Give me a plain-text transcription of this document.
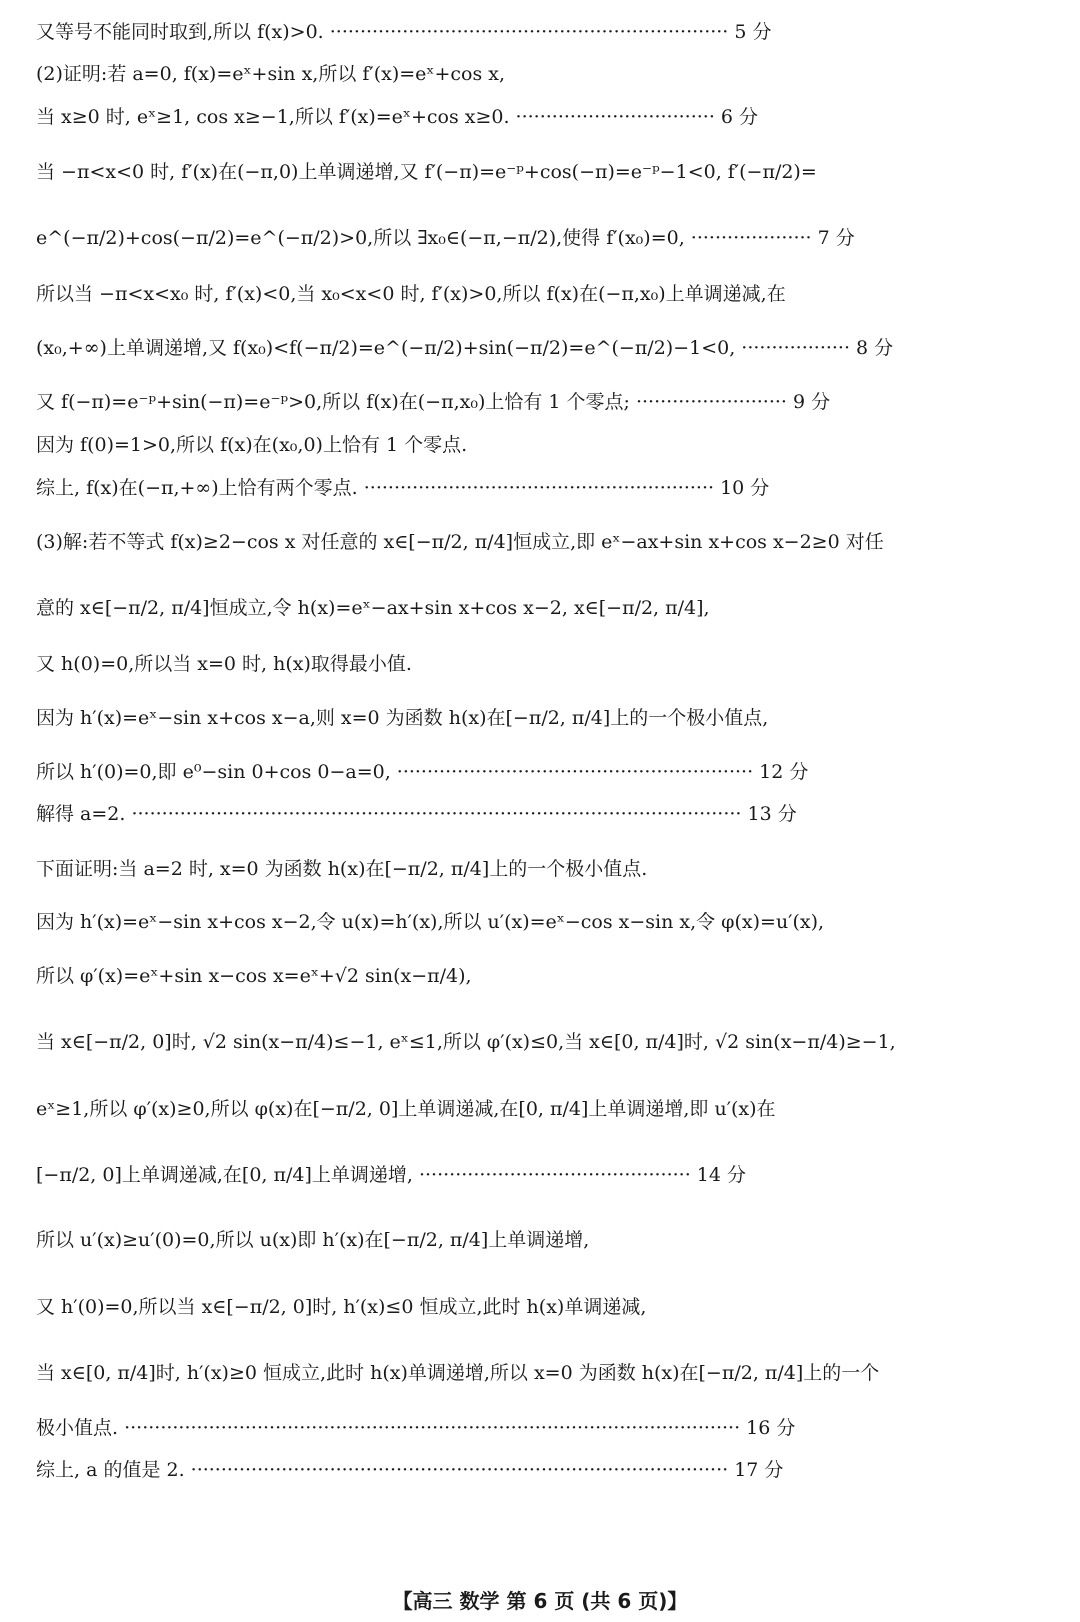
又等号不能同时取到,所以 f(x)>0. ·································································· 5 分
(2)证明:若 a=0, f(x)=eˣ+sin x,所以 f′(x)=eˣ+cos x,
当 x≥0 时, eˣ≥1, cos x≥−1,所以 f′(x)=eˣ+cos x≥0. ································· 6 分
当 −π<x<0 时, f′(x)在(−π,0)上单调递增,又 f′(−π)=e⁻ᵖ+cos(−π)=e⁻ᵖ−1<0, f′(−π/2)=
e^(−π/2)+cos(−π/2)=e^(−π/2)>0,所以 ∃x₀∈(−π,−π/2),使得 f′(x₀)=0, ···················· 7 分
所以当 −π<x<x₀ 时, f′(x)<0,当 x₀<x<0 时, f′(x)>0,所以 f(x)在(−π,x₀)上单调递减,在
(x₀,+∞)上单调递增,又 f(x₀)<f(−π/2)=e^(−π/2)+sin(−π/2)=e^(−π/2)−1<0, ·················· 8 分
又 f(−π)=e⁻ᵖ+sin(−π)=e⁻ᵖ>0,所以 f(x)在(−π,x₀)上恰有 1 个零点; ························· 9 分
因为 f(0)=1>0,所以 f(x)在(x₀,0)上恰有 1 个零点.
综上, f(x)在(−π,+∞)上恰有两个零点. ·························································· 10 分
(3)解:若不等式 f(x)≥2−cos x 对任意的 x∈[−π/2, π/4]恒成立,即 eˣ−ax+sin x+cos x−2≥0 对任
意的 x∈[−π/2, π/4]恒成立,令 h(x)=eˣ−ax+sin x+cos x−2, x∈[−π/2, π/4],
又 h(0)=0,所以当 x=0 时, h(x)取得最小值.
因为 h′(x)=eˣ−sin x+cos x−a,则 x=0 为函数 h(x)在[−π/2, π/4]上的一个极小值点,
所以 h′(0)=0,即 e⁰−sin 0+cos 0−a=0, ··························································· 12 分
解得 a=2. ····································································································· 13 分
下面证明:当 a=2 时, x=0 为函数 h(x)在[−π/2, π/4]上的一个极小值点.
因为 h′(x)=eˣ−sin x+cos x−2,令 u(x)=h′(x),所以 u′(x)=eˣ−cos x−sin x,令 φ(x)=u′(x),
所以 φ′(x)=eˣ+sin x−cos x=eˣ+√2 sin(x−π/4),
当 x∈[−π/2, 0]时, √2 sin(x−π/4)≤−1, eˣ≤1,所以 φ′(x)≤0,当 x∈[0, π/4]时, √2 sin(x−π/4)≥−1,
eˣ≥1,所以 φ′(x)≥0,所以 φ(x)在[−π/2, 0]上单调递减,在[0, π/4]上单调递增,即 u′(x)在
[−π/2, 0]上单调递减,在[0, π/4]上单调递增, ············································· 14 分
所以 u′(x)≥u′(0)=0,所以 u(x)即 h′(x)在[−π/2, π/4]上单调递增,
又 h′(0)=0,所以当 x∈[−π/2, 0]时, h′(x)≤0 恒成立,此时 h(x)单调递减,
当 x∈[0, π/4]时, h′(x)≥0 恒成立,此时 h(x)单调递增,所以 x=0 为函数 h(x)在[−π/2, π/4]上的一个
极小值点. ······································································································ 16 分
综上, a 的值是 2. ························································································· 17 分
【高三 数学 第 6 页 (共 6 页)】
